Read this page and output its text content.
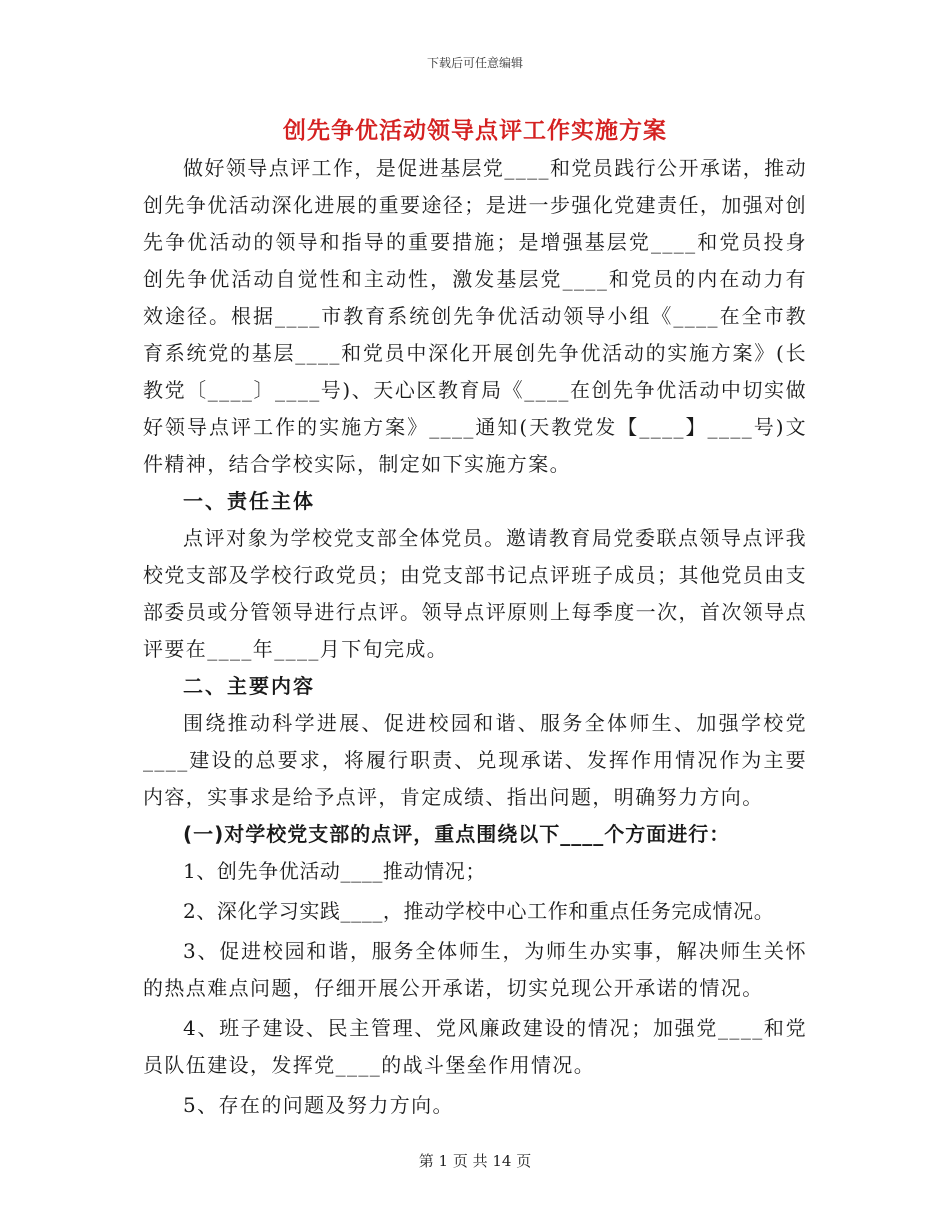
下载后可任意编辑
创先争优活动领导点评工作实施方案

做好领导点评工作，是促进基层党____和党员践行公开承诺，推动创先争优活动深化进展的重要途径；是进一步强化党建责任，加强对创先争优活动的领导和指导的重要措施；是增强基层党____和党员投身创先争优活动自觉性和主动性，激发基层党____和党员的内在动力有效途径。根据____市教育系统创先争优活动领导小组《____在全市教育系统党的基层____和党员中深化开展创先争优活动的实施方案》(长教党〔____〕____号)、天心区教育局《____在创先争优活动中切实做好领导点评工作的实施方案》____通知(天教党发【____】____号)文件精神，结合学校实际，制定如下实施方案。

一、责任主体

点评对象为学校党支部全体党员。邀请教育局党委联点领导点评我校党支部及学校行政党员；由党支部书记点评班子成员；其他党员由支部委员或分管领导进行点评。领导点评原则上每季度一次，首次领导点评要在____年____月下旬完成。

二、主要内容

围绕推动科学进展、促进校园和谐、服务全体师生、加强学校党____建设的总要求，将履行职责、兑现承诺、发挥作用情况作为主要内容，实事求是给予点评，肯定成绩、指出问题，明确努力方向。

(一)对学校党支部的点评，重点围绕以下____个方面进行：

1、创先争优活动____推动情况；

2、深化学习实践____，推动学校中心工作和重点任务完成情况。

3、促进校园和谐，服务全体师生，为师生办实事，解决师生关怀的热点难点问题，仔细开展公开承诺，切实兑现公开承诺的情况。

4、班子建设、民主管理、党风廉政建设的情况；加强党____和党员队伍建设，发挥党____的战斗堡垒作用情况。

5、存在的问题及努力方向。

第 1 页 共 14 页
